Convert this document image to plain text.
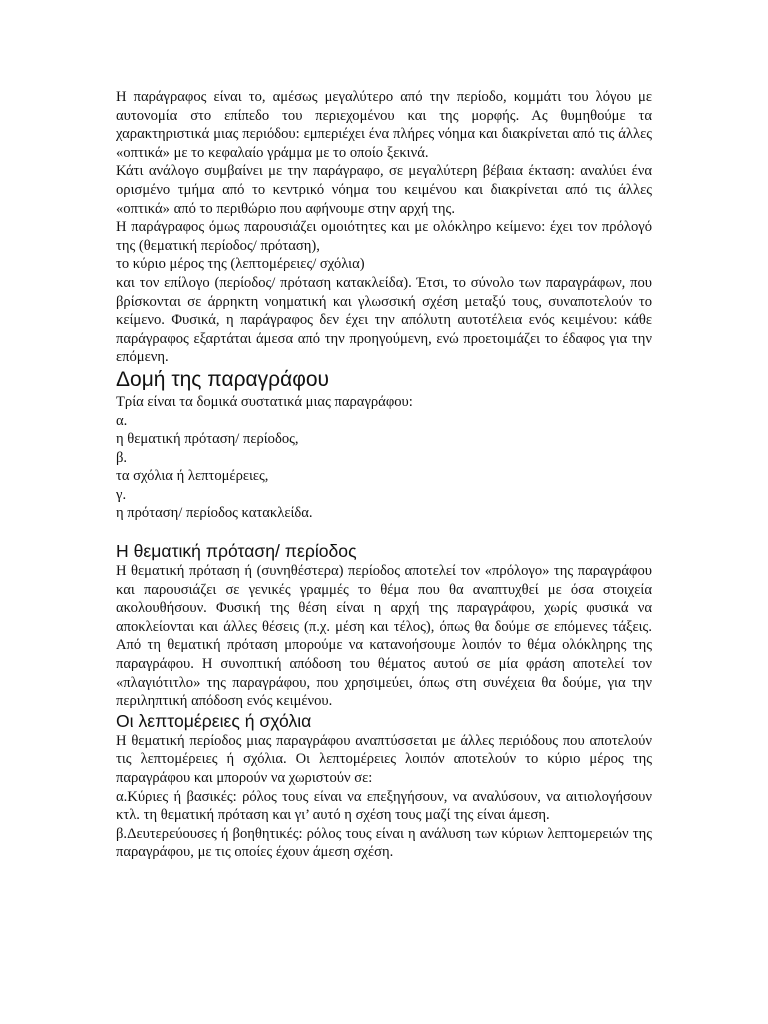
Η παράγραφος είναι το, αμέσως μεγαλύτερο από την περίοδο, κομμάτι του λόγου με αυτονομία στο επίπεδο του περιεχομένου και της μορφής. Ας θυμηθούμε τα χαρακτηριστικά μιας περιόδου: εμπεριέχει ένα πλήρες νόημα και διακρίνεται από τις άλλες «οπτικά» με το κεφαλαίο γράμμα με το οποίο ξεκινά.

Κάτι ανάλογο συμβαίνει με την παράγραφο, σε μεγαλύτερη βέβαια έκταση: αναλύει ένα ορισμένο τμήμα από το κεντρικό νόημα του κειμένου και διακρίνεται από τις άλλες «οπτικά» από το περιθώριο που αφήνουμε στην αρχή της.

Η παράγραφος όμως παρουσιάζει ομοιότητες και με ολόκληρο κείμενο: έχει τον πρόλογό της (θεματική περίοδος/ πρόταση),

το κύριο μέρος της (λεπτομέρειες/ σχόλια)

και τον επίλογο (περίοδος/ πρόταση κατακλείδα). Έτσι, το σύνολο των παραγράφων, που βρίσκονται σε άρρηκτη νοηματική και γλωσσική σχέση μεταξύ τους, συναποτελούν το κείμενο. Φυσικά, η παράγραφος δεν έχει την απόλυτη αυτοτέλεια ενός κειμένου: κάθε παράγραφος εξαρτάται άμεσα από την προηγούμενη, ενώ προετοιμάζει το έδαφος για την επόμενη.

Δομή της παραγράφου

Τρία είναι τα δομικά συστατικά μιας παραγράφου:

α.

η θεματική πρόταση/ περίοδος,

β.

τα σχόλια ή λεπτομέρειες,

γ.

η πρόταση/ περίοδος κατακλείδα.

Η θεματική πρόταση/ περίοδος

Η θεματική πρόταση ή (συνηθέστερα) περίοδος αποτελεί τον «πρόλογο» της παραγράφου και παρουσιάζει σε γενικές γραμμές το θέμα που θα αναπτυχθεί με όσα στοιχεία ακολουθήσουν. Φυσική της θέση είναι η αρχή της παραγράφου, χωρίς φυσικά να αποκλείονται και άλλες θέσεις (π.χ. μέση και τέλος), όπως θα δούμε σε επόμενες τάξεις. Από τη θεματική πρόταση μπορούμε να κατανοήσουμε λοιπόν το θέμα ολόκληρης της παραγράφου. Η συνοπτική απόδοση του θέματος αυτού σε μία φράση αποτελεί τον «πλαγιότιτλο» της παραγράφου, που χρησιμεύει, όπως στη συνέχεια θα δούμε, για την περιληπτική απόδοση ενός κειμένου.

Οι λεπτομέρειες ή σχόλια

Η θεματική περίοδος μιας παραγράφου αναπτύσσεται με άλλες περιόδους που αποτελούν τις λεπτομέρειες ή σχόλια. Οι λεπτομέρειες λοιπόν αποτελούν το κύριο μέρος της παραγράφου και μπορούν να χωριστούν σε:

α.Κύριες ή βασικές: ρόλος τους είναι να επεξηγήσουν, να αναλύσουν, να αιτιολογήσουν κτλ. τη θεματική πρόταση και γι’ αυτό η σχέση τους μαζί της είναι άμεση.

β.Δευτερεύουσες ή βοηθητικές: ρόλος τους είναι η ανάλυση των κύριων λεπτομερειών της παραγράφου, με τις οποίες έχουν άμεση σχέση.
